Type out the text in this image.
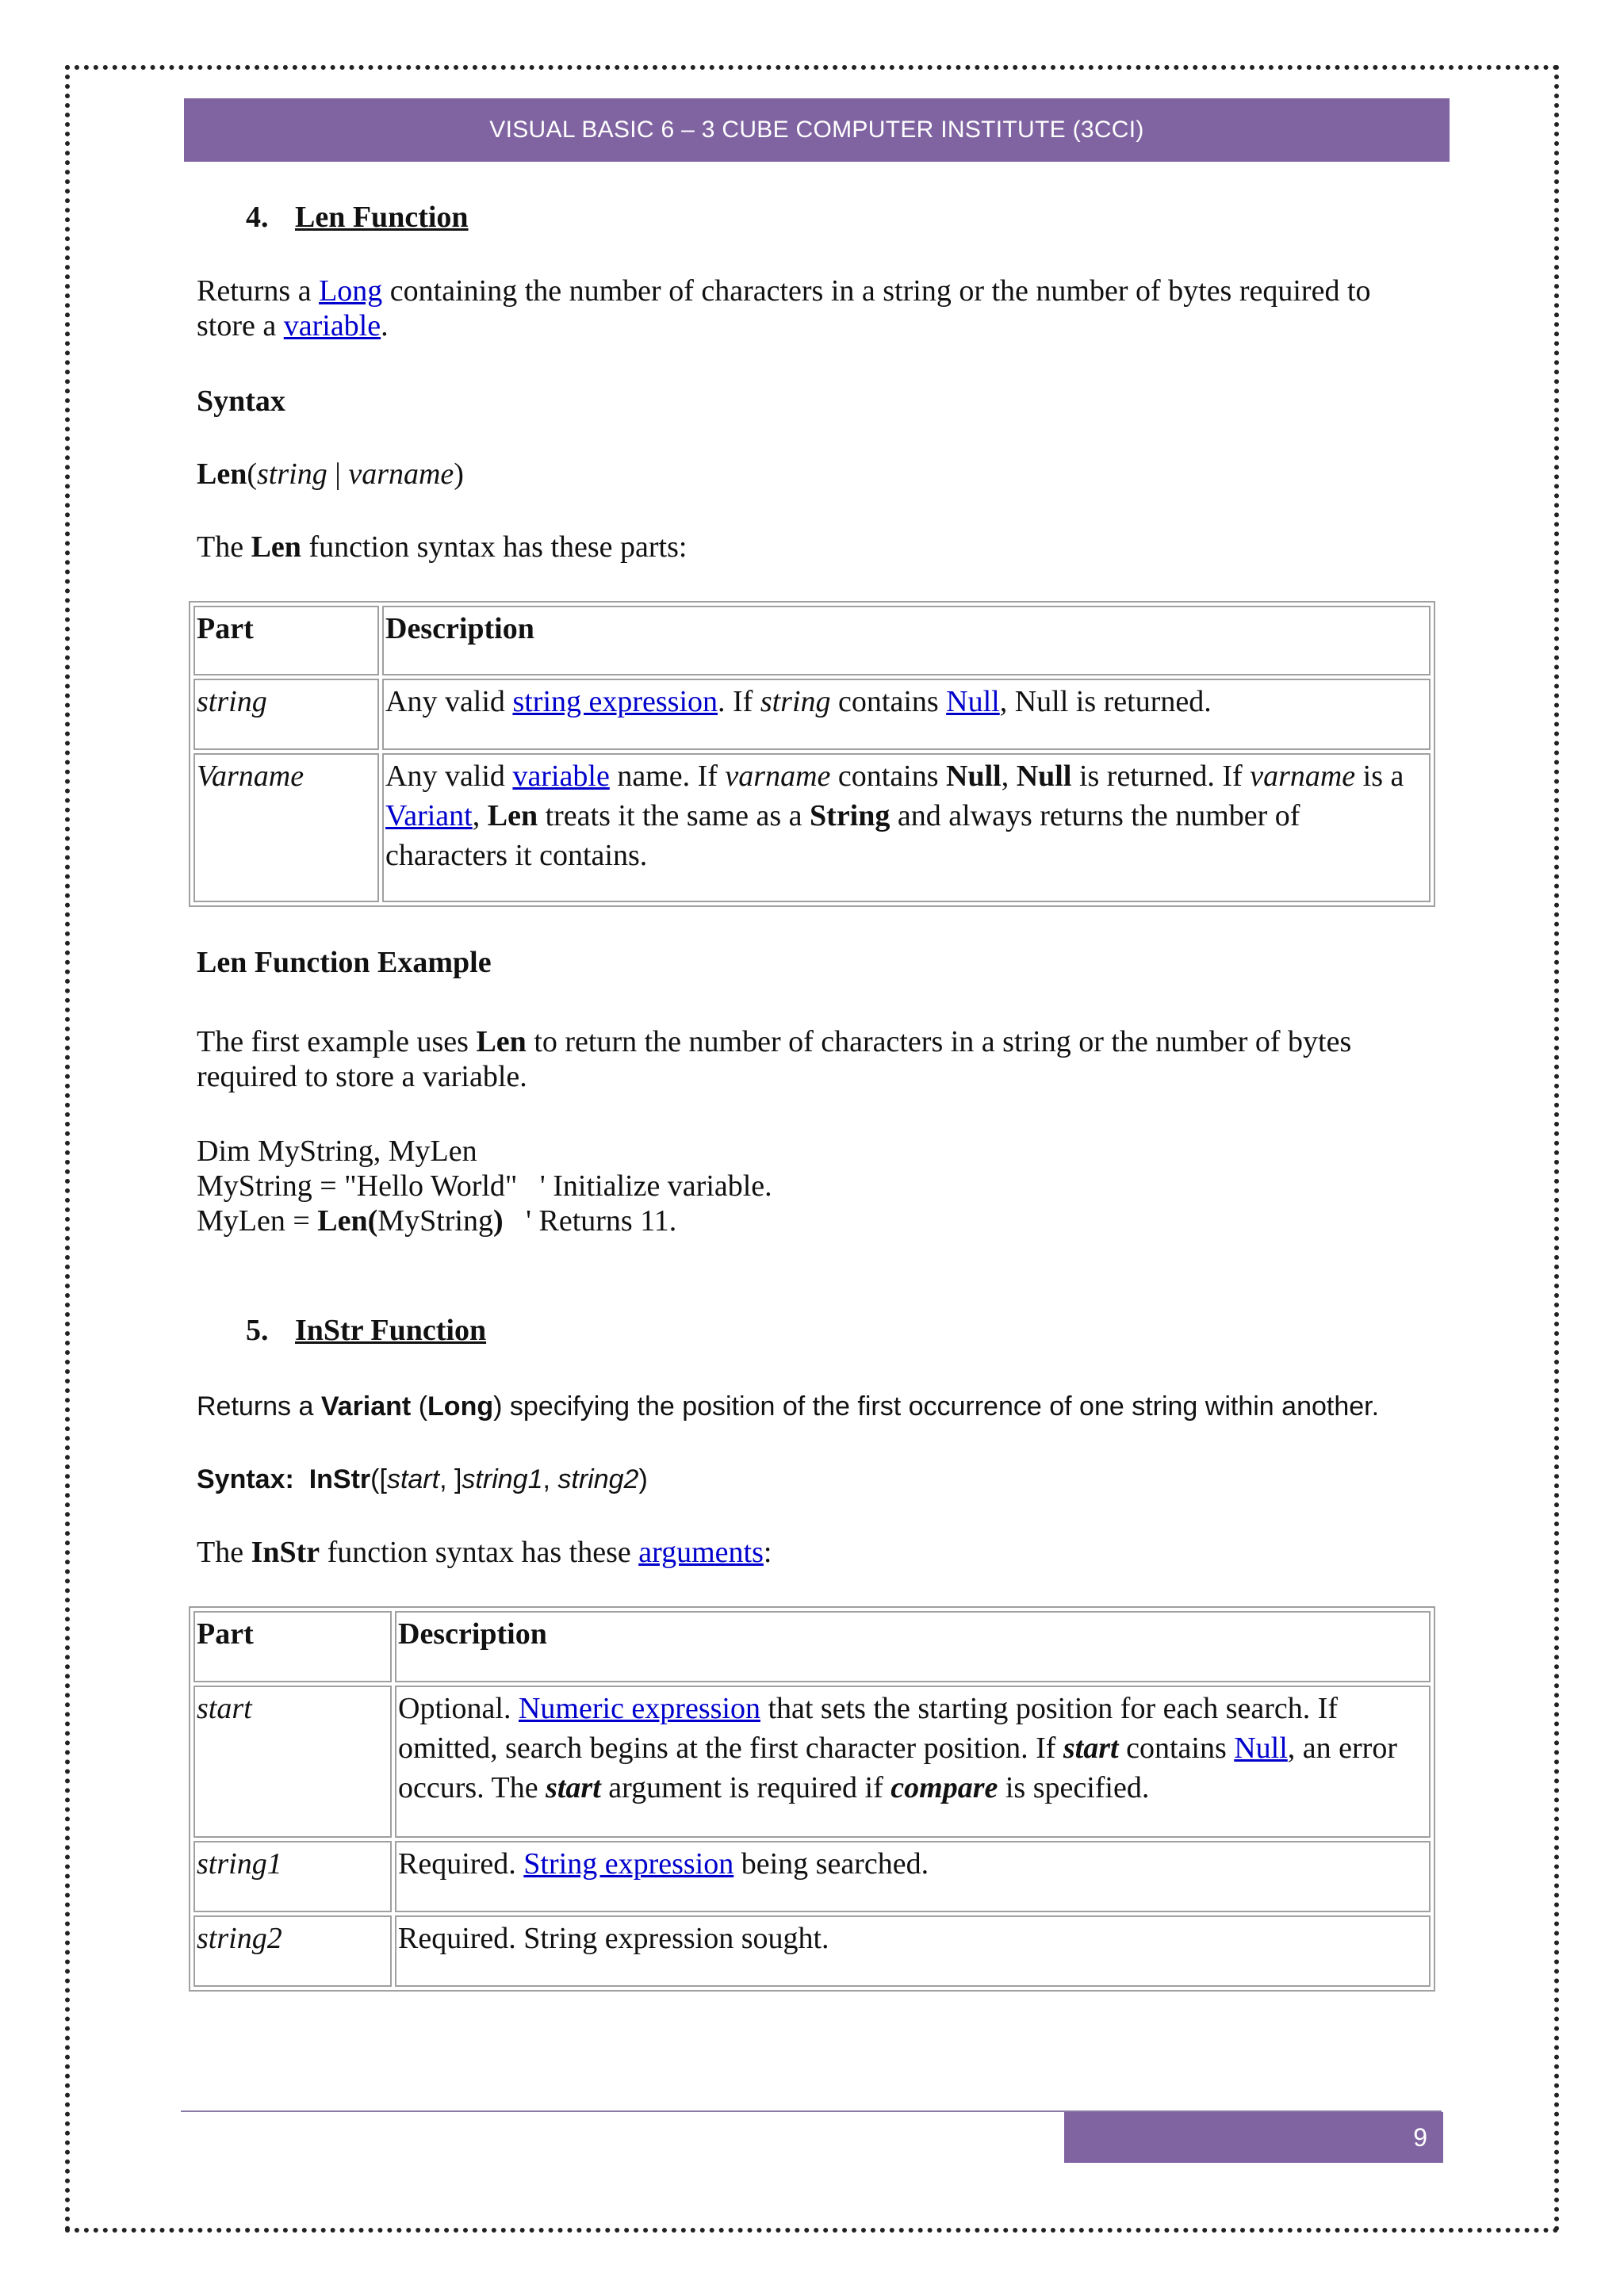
VISUAL BASIC 6 – 3 CUBE COMPUTER INSTITUTE (3CCI)
4. Len Function
Returns a Long containing the number of characters in a string or the number of bytes required to store a variable.
Syntax
Len(string | varname)
The Len function syntax has these parts:
Part	Description
string	Any valid string expression. If string contains Null, Null is returned.
Varname	Any valid variable name. If varname contains Null, Null is returned. If varname is a Variant, Len treats it the same as a String and always returns the number of characters it contains.
Len Function Example
The first example uses Len to return the number of characters in a string or the number of bytes required to store a variable.
Dim MyString, MyLen
MyString = "Hello World"   ' Initialize variable.
MyLen = Len(MyString)   ' Returns 11.
5. InStr Function
Returns a Variant (Long) specifying the position of the first occurrence of one string within another.
Syntax:  InStr([start, ]string1, string2)
The InStr function syntax has these arguments:
Part	Description
start	Optional. Numeric expression that sets the starting position for each search. If omitted, search begins at the first character position. If start contains Null, an error occurs. The start argument is required if compare is specified.
string1	Required. String expression being searched.
string2	Required. String expression sought.
9
